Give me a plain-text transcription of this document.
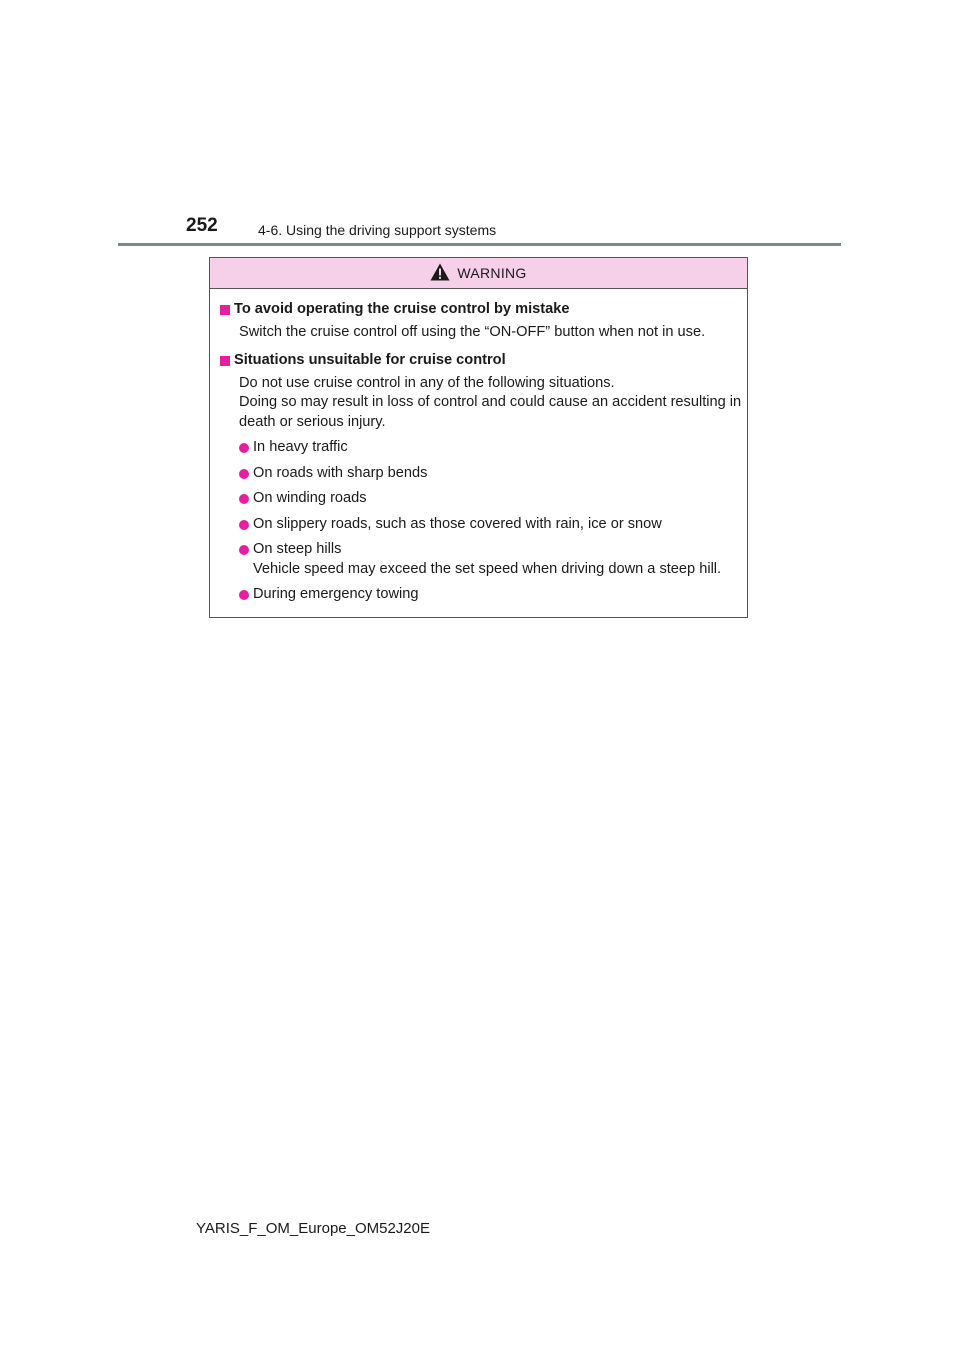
252	4-6. Using the driving support systems
WARNING
To avoid operating the cruise control by mistake
Switch the cruise control off using the “ON-OFF” button when not in use.
Situations unsuitable for cruise control
Do not use cruise control in any of the following situations.
Doing so may result in loss of control and could cause an accident resulting in death or serious injury.
In heavy traffic
On roads with sharp bends
On winding roads
On slippery roads, such as those covered with rain, ice or snow
On steep hills
Vehicle speed may exceed the set speed when driving down a steep hill.
During emergency towing
YARIS_F_OM_Europe_OM52J20E
